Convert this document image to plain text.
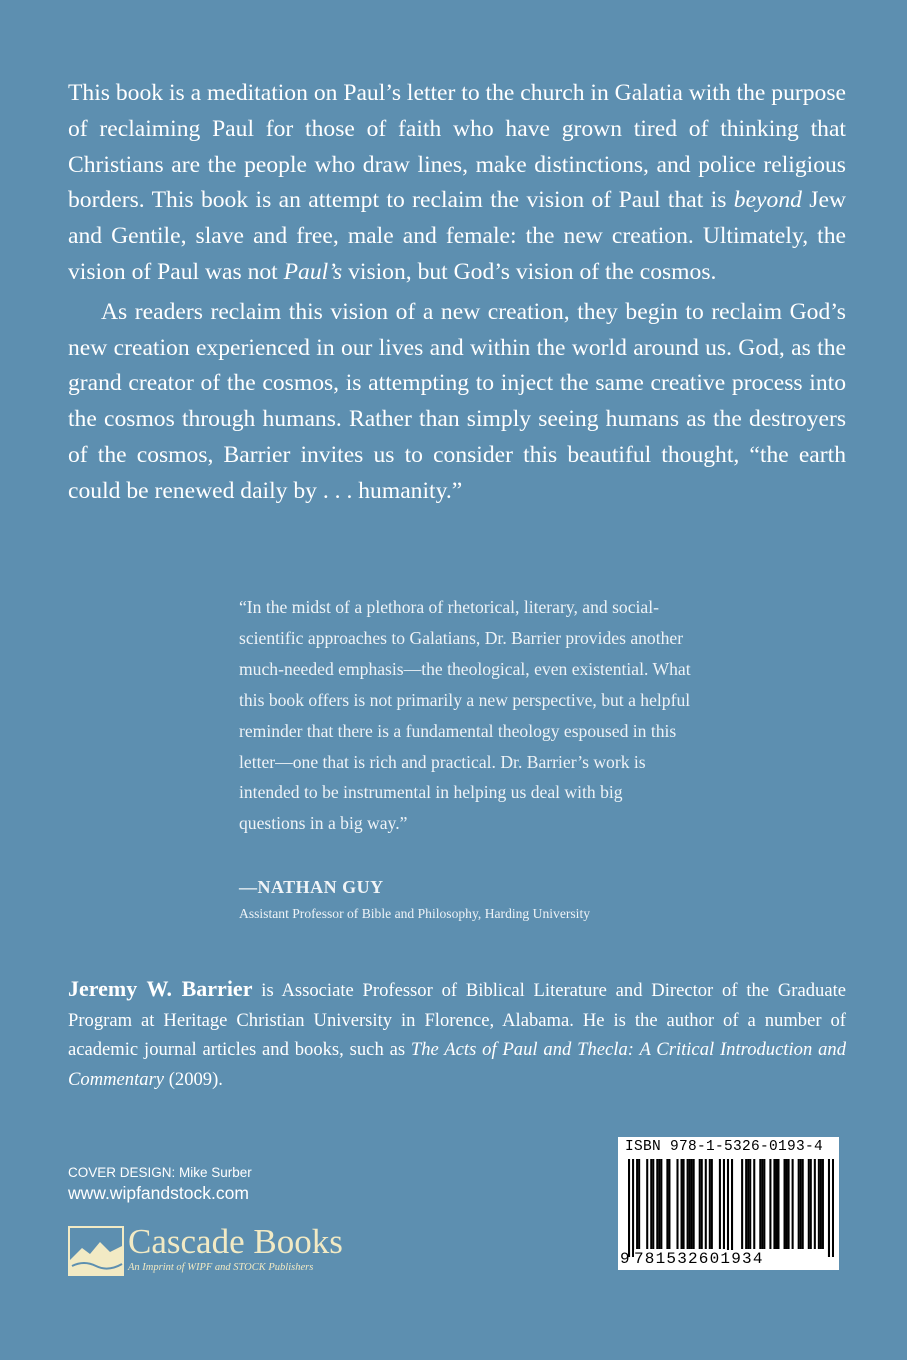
This book is a meditation on Paul’s letter to the church in Galatia with the purpose of reclaiming Paul for those of faith who have grown tired of thinking that Christians are the people who draw lines, make distinctions, and police religious borders. This book is an attempt to reclaim the vision of Paul that is beyond Jew and Gentile, slave and free, male and female: the new creation. Ultimately, the vision of Paul was not Paul’s vision, but God’s vision of the cosmos.

As readers reclaim this vision of a new creation, they begin to reclaim God’s new creation experienced in our lives and within the world around us. God, as the grand creator of the cosmos, is attempting to inject the same creative process into the cosmos through humans. Rather than simply seeing humans as the destroyers of the cosmos, Barrier invites us to consider this beautiful thought, “the earth could be renewed daily by . . . humanity.”

“In the midst of a plethora of rhetorical, literary, and social-scientific approaches to Galatians, Dr. Barrier provides another much-needed emphasis—the theological, even existential. What this book offers is not primarily a new perspective, but a helpful reminder that there is a fundamental theology espoused in this letter—one that is rich and practical. Dr. Barrier’s work is intended to be instrumental in helping us deal with big questions in a big way.”

—NATHAN GUY
Assistant Professor of Bible and Philosophy, Harding University
Jeremy W. Barrier is Associate Professor of Biblical Literature and Director of the Graduate Program at Heritage Christian University in Florence, Alabama. He is the author of a number of academic journal articles and books, such as The Acts of Paul and Thecla: A Critical Introduction and Commentary (2009).
COVER DESIGN: Mike Surber
www.wipfandstock.com
Cascade Books
An Imprint of WIPF and STOCK Publishers
ISBN 978-1-5326-0193-4
9 781532601934
